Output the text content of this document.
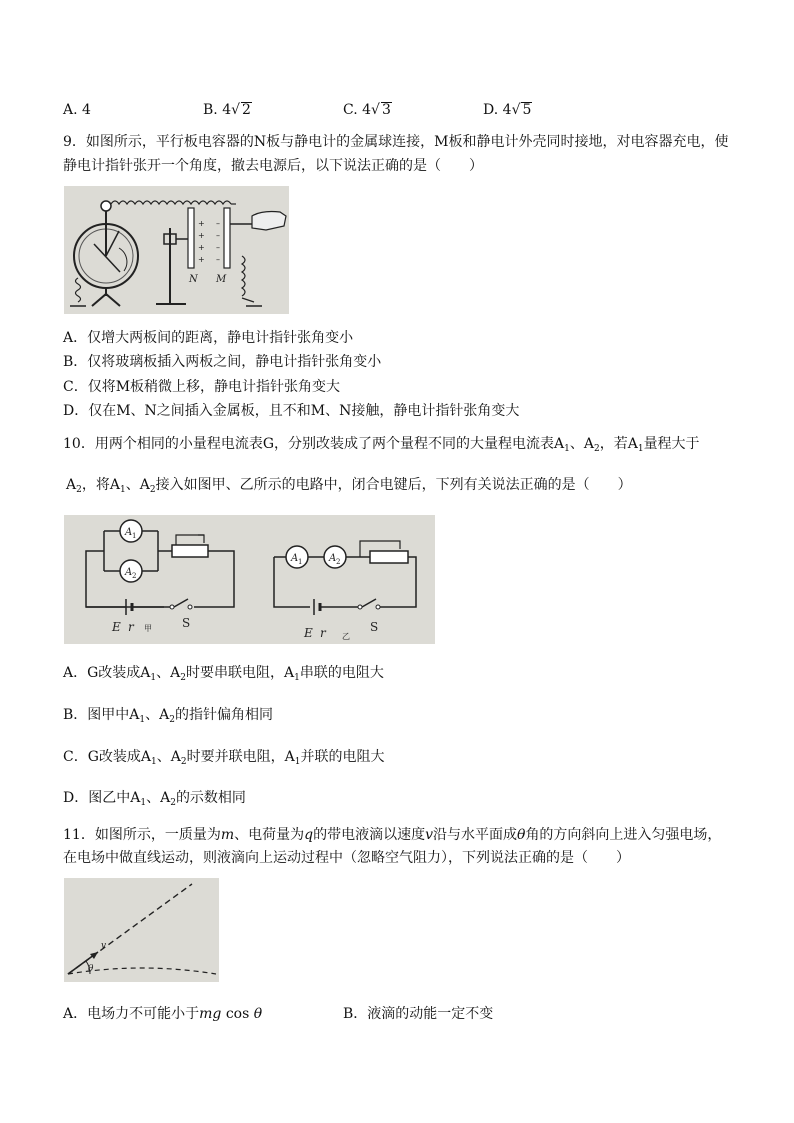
A. 4	B. 4√ 2	C. 4√ 3	D. 4√ 5
9．如图所示，平行板电容器的N板与静电计的金属球连接，M板和静电计外壳同时接地，对电容器充电，使
静电计指针张开一个角度，撤去电源后，以下说法正确的是（　　）
+
+
+
+
–
–
–
–
N M
A．仅增大两板间的距离，静电计指针张角变小
B．仅将玻璃板插入两板之间，静电计指针张角变小
C．仅将M板稍微上移，静电计指针张角变大
D．仅在M、N之间插入金属板，且不和M、N接触，静电计指针张角变大
10．用两个相同的小量程电流表G，分别改装成了两个量程不同的大量程电流表$A_1$、$A_2$，若$A_1$量程大于
$A_2$，将$A_1$、$A_2$接入如图甲、乙所示的电路中，闭合电键后，下列有关说法正确的是（　　）
A 1
A 2
E r 甲	S
A 1	A 2
E r 乙
S
A．G改装成$A_1$、$A_2$时要串联电阻，$A_1$串联的电阻大
B．图甲中$A_1$、$A_2$的指针偏角相同
C．G改装成$A_1$、$A_2$时要并联电阻，$A_1$并联的电阻大
D．图乙中$A_1$、$A_2$的示数相同
11．如图所示，一质量为m、电荷量为q的带电液滴以速度v沿与水平面成θ角的方向斜向上进入匀强电场，
在电场中做直线运动，则液滴向上运动过程中（忽略空气阻力），下列说法正确的是（　　）
v
θ
A．电场力不可能小于mg cos θ	B．液滴的动能一定不变
